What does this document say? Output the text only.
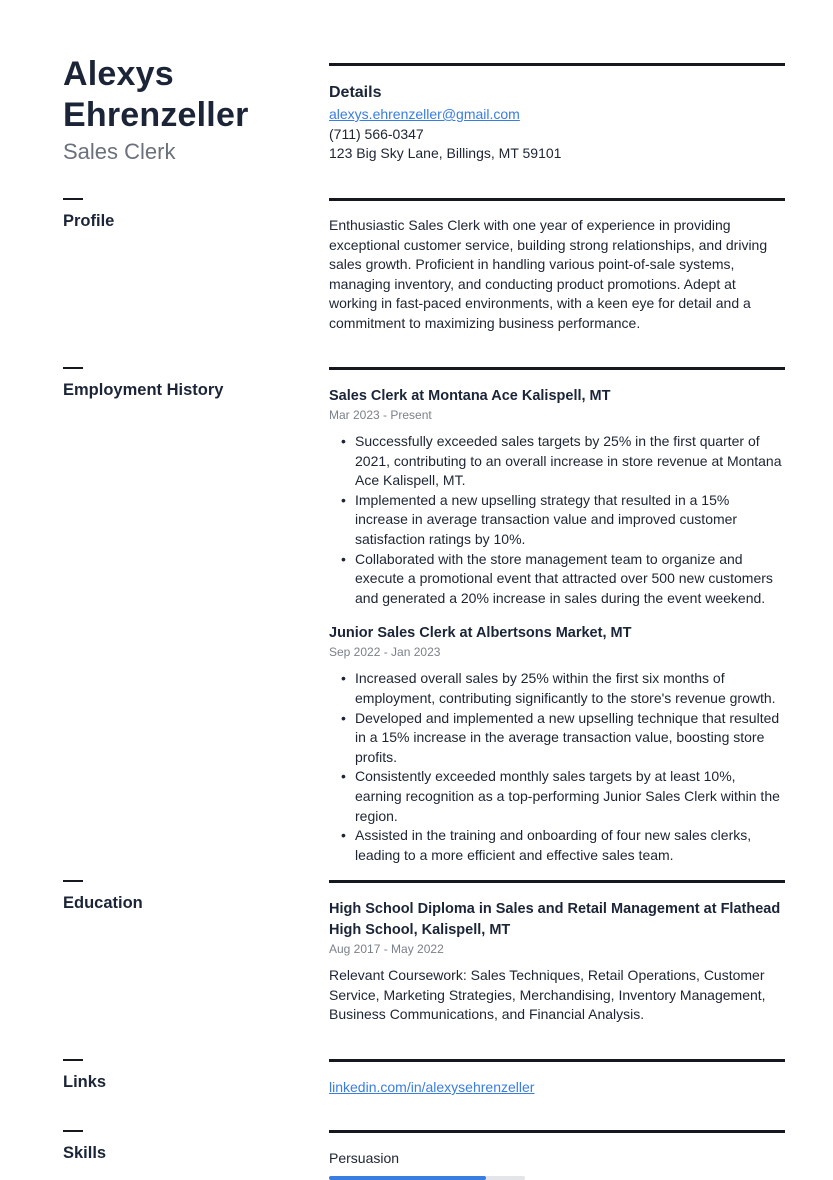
Alexys
Ehrenzeller
Sales Clerk
Details
alexys.ehrenzeller@gmail.com
(711) 566-0347
123 Big Sky Lane, Billings, MT 59101
Profile	Enthusiastic Sales Clerk with one year of experience in providing exceptional customer service, building strong relationships, and driving sales growth. Proficient in handling various point-of-sale systems, managing inventory, and conducting product promotions. Adept at working in fast-paced environments, with a keen eye for detail and a commitment to maximizing business performance.
Employment History	Sales Clerk at Montana Ace Kalispell, MT
Mar 2023 - Present
• Successfully exceeded sales targets by 25% in the first quarter of 2021, contributing to an overall increase in store revenue at Montana Ace Kalispell, MT.
• Implemented a new upselling strategy that resulted in a 15% increase in average transaction value and improved customer satisfaction ratings by 10%.
• Collaborated with the store management team to organize and execute a promotional event that attracted over 500 new customers and generated a 20% increase in sales during the event weekend.
Junior Sales Clerk at Albertsons Market, MT
Sep 2022 - Jan 2023
• Increased overall sales by 25% within the first six months of employment, contributing significantly to the store's revenue growth.
• Developed and implemented a new upselling technique that resulted in a 15% increase in the average transaction value, boosting store profits.
• Consistently exceeded monthly sales targets by at least 10%, earning recognition as a top-performing Junior Sales Clerk within the region.
• Assisted in the training and onboarding of four new sales clerks, leading to a more efficient and effective sales team.
Education	High School Diploma in Sales and Retail Management at Flathead High School, Kalispell, MT
Aug 2017 - May 2022
Relevant Coursework: Sales Techniques, Retail Operations, Customer Service, Marketing Strategies, Merchandising, Inventory Management, Business Communications, and Financial Analysis.
Links	linkedin.com/in/alexysehrenzeller
Skills	Persuasion
